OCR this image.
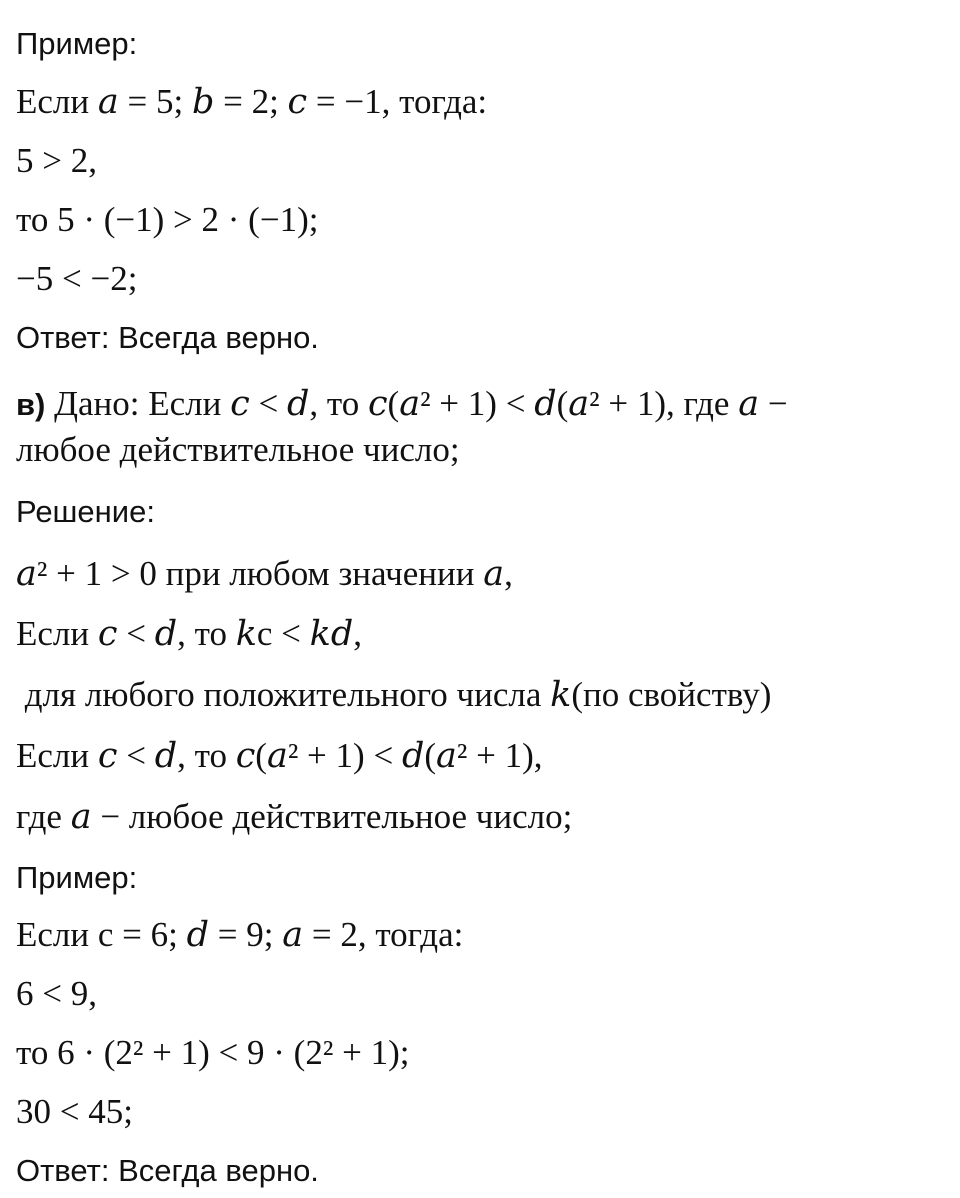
Пример:
Если 𝑎 = 5; 𝑏 = 2; 𝑐 = −1, тогда:
5 > 2,
то 5 · (−1) > 2 · (−1);
−5 < −2;
Ответ: Всегда верно.
в) Дано: Если 𝑐 < 𝑑, то 𝑐(𝑎² + 1) < 𝑑(𝑎² + 1), где 𝑎 −
любое действительное число;
Решение:
𝑎² + 1 > 0 при любом значении 𝑎,
Если 𝑐 < 𝑑, то 𝑘c < 𝑘𝑑,
для любого положительного числа 𝑘(по свойству)
Если 𝑐 < 𝑑, то 𝑐(𝑎² + 1) < 𝑑(𝑎² + 1),
где 𝑎 − любое действительное число;
Пример:
Если c = 6; 𝑑 = 9; 𝑎 = 2, тогда:
6 < 9,
то 6 · (2² + 1) < 9 · (2² + 1);
30 < 45;
Ответ: Всегда верно.
